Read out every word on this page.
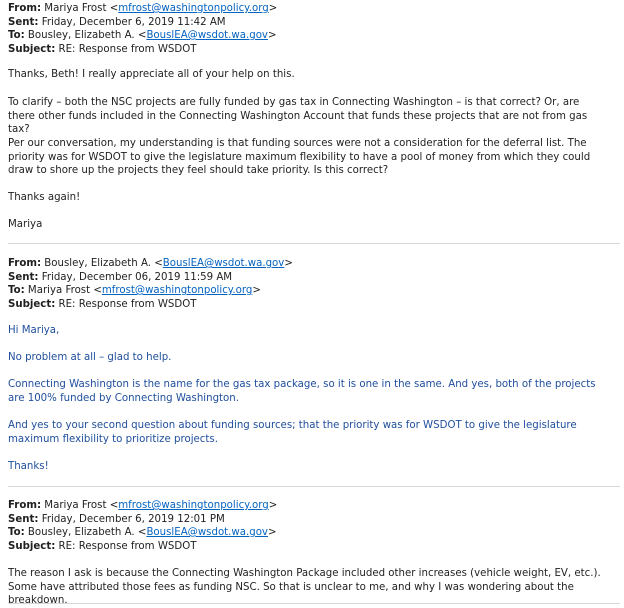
From: Mariya Frost <mfrost@washingtonpolicy.org>
Sent: Friday, December 6, 2019 11:42 AM
To: Bousley, Elizabeth A. <BouslEA@wsdot.wa.gov>
Subject: RE: Response from WSDOT

Thanks, Beth! I really appreciate all of your help on this.

To clarify – both the NSC projects are fully funded by gas tax in Connecting Washington – is that correct? Or, are there other funds included in the Connecting Washington Account that funds these projects that are not from gas tax?

Per our conversation, my understanding is that funding sources were not a consideration for the deferral list. The priority was for WSDOT to give the legislature maximum flexibility to have a pool of money from which they could draw to shore up the projects they feel should take priority. Is this correct?

Thanks again!

Mariya

From: Bousley, Elizabeth A. <BouslEA@wsdot.wa.gov>
Sent: Friday, December 06, 2019 11:59 AM
To: Mariya Frost <mfrost@washingtonpolicy.org>
Subject: RE: Response from WSDOT

Hi Mariya,

No problem at all – glad to help.

Connecting Washington is the name for the gas tax package, so it is one in the same. And yes, both of the projects are 100% funded by Connecting Washington.

And yes to your second question about funding sources; that the priority was for WSDOT to give the legislature maximum flexibility to prioritize projects.

Thanks!

From: Mariya Frost <mfrost@washingtonpolicy.org>
Sent: Friday, December 6, 2019 12:01 PM
To: Bousley, Elizabeth A. <BouslEA@wsdot.wa.gov>
Subject: RE: Response from WSDOT

The reason I ask is because the Connecting Washington Package included other increases (vehicle weight, EV, etc.). Some have attributed those fees as funding NSC. So that is unclear to me, and why I was wondering about the breakdown.
